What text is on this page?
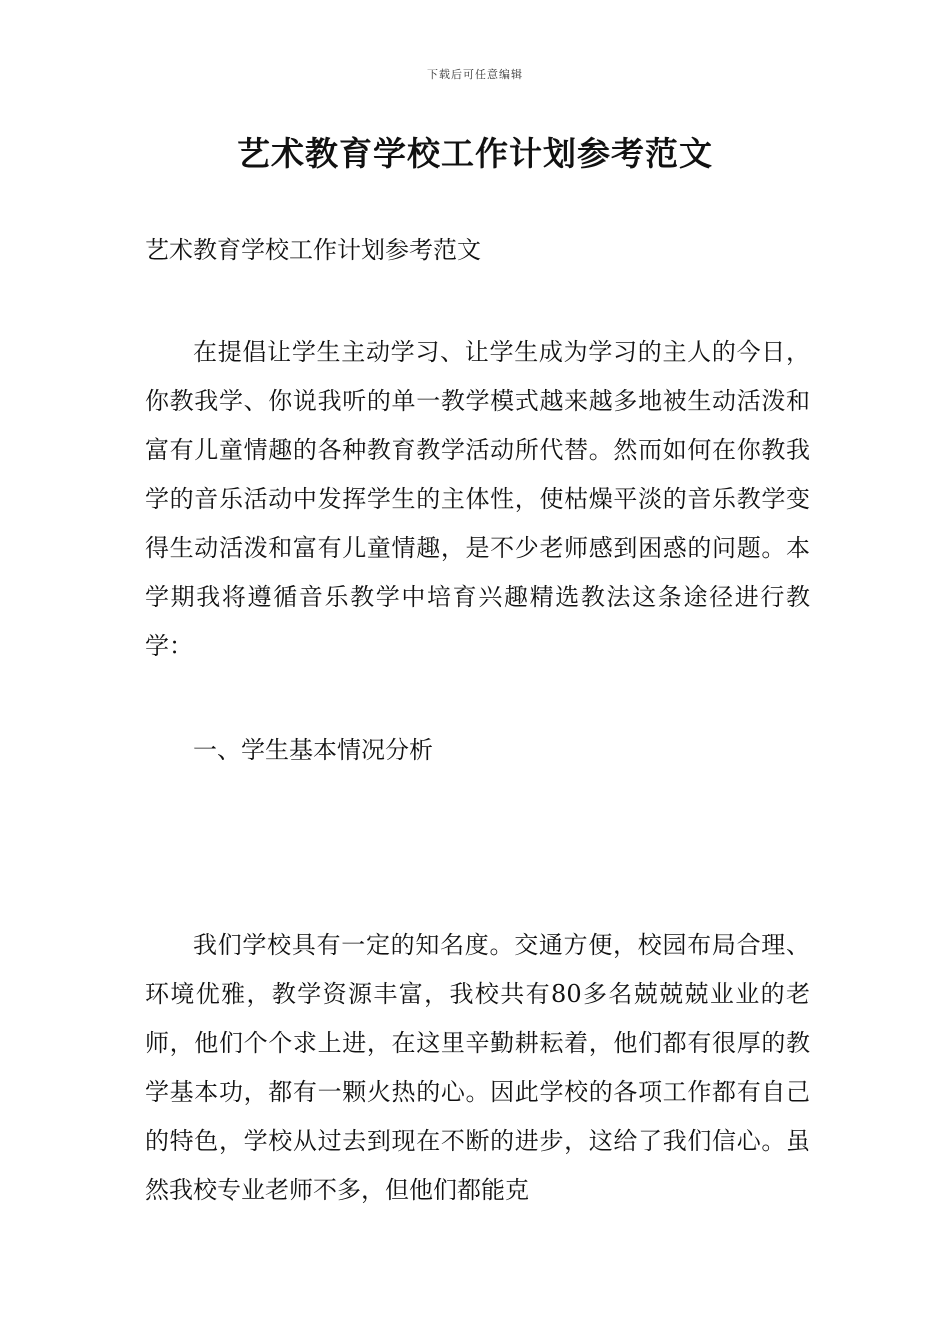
下载后可任意编辑
艺术教育学校工作计划参考范文
艺术教育学校工作计划参考范文
在提倡让学生主动学习、让学生成为学习的主人的今日，你教我学、你说我听的单一教学模式越来越多地被生动活泼和富有儿童情趣的各种教育教学活动所代替。然而如何在你教我学的音乐活动中发挥学生的主体性，使枯燥平淡的音乐教学变得生动活泼和富有儿童情趣，是不少老师感到困惑的问题。本学期我将遵循音乐教学中培育兴趣精选教法这条途径进行教学：
一、学生基本情况分析
我们学校具有一定的知名度。交通方便，校园布局合理、环境优雅，教学资源丰富，我校共有80多名兢兢兢业业的老师，他们个个求上进，在这里辛勤耕耘着，他们都有很厚的教学基本功，都有一颗火热的心。因此学校的各项工作都有自己的特色，学校从过去到现在不断的进步，这给了我们信心。虽然我校专业老师不多，但他们都能克
